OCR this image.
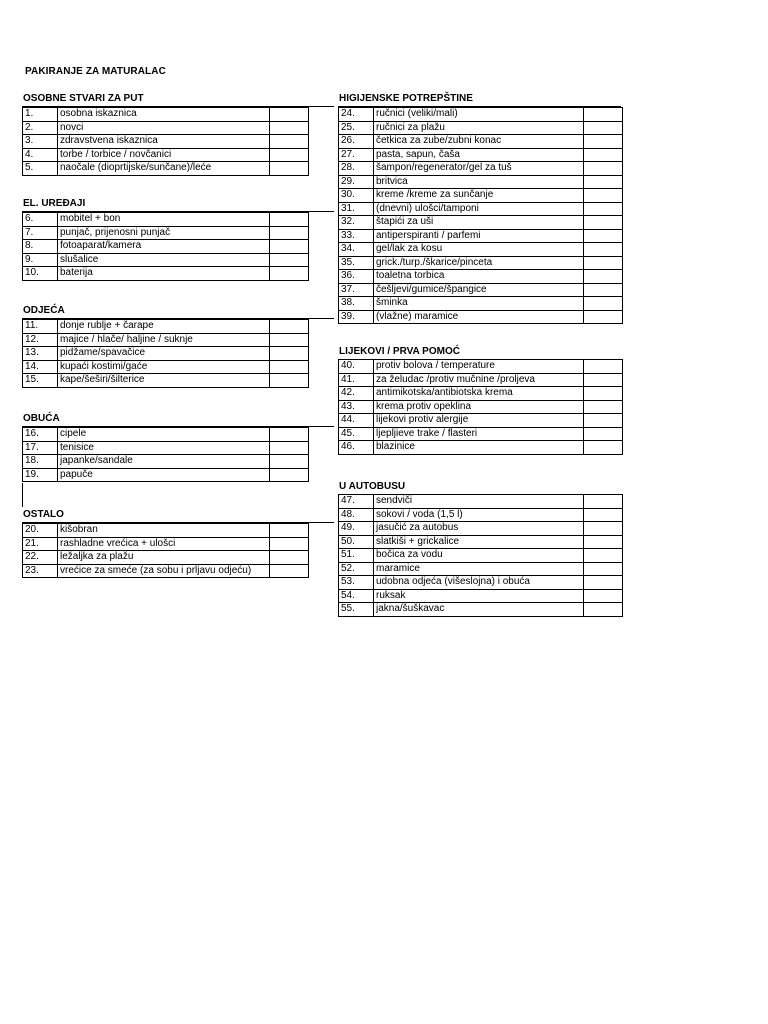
PAKIRANJE ZA MATURALAC
OSOBNE STVARI ZA PUT
1.	osobna iskaznica	
2.	novci	
3.	zdravstvena iskaznica	
4.	torbe / torbice / novčanici	
5.	naočale (dioprtijske/sunčane)/leće	
EL. UREĐAJI
6.	mobitel + bon	
7.	punjač, prijenosni punjač	
8.	fotoaparat/kamera	
9.	slušalice	
10.	baterija	
ODJEĆA
11.	donje rublje + čarape	
12.	majice / hlače/ haljine / suknje	
13.	pidžame/spavačice	
14.	kupaći kostimi/gaće	
15.	kape/šeširi/šilterice	
OBUĆA
16.	cipele	
17.	tenisice	
18.	japanke/sandale	
19.	papuče	
OSTALO
20.	kišobran	
21.	rashladne vrećica + ulošci	
22.	ležaljka za plažu	
23.	vrećice za smeće (za sobu i prljavu odjeću)	
HIGIJENSKE POTREPŠTINE
24.	ručnici (veliki/mali)	
25.	ručnici za plažu	
26.	četkica za zube/zubni konac	
27.	pasta, sapun, čaša	
28.	šampon/regenerator/gel za tuš	
29.	britvica	
30.	kreme /kreme za sunčanje	
31.	(dnevni) ulošci/tamponi	
32.	štapići za uši	
33.	antiperspiranti / parfemi	
34.	gel/lak za kosu	
35.	grick./turp./škarice/pinceta	
36.	toaletna torbica	
37.	češljevi/gumice/špangice	
38.	šminka	
39.	(vlažne) maramice	
LIJEKOVI / PRVA POMOĆ
40.	protiv bolova / temperature	
41.	za želudac /protiv mučnine /proljeva	
42.	antimikotska/antibiotska krema	
43.	krema protiv opeklina	
44.	lijekovi protiv alergije	
45.	ljepljieve trake / flasteri	
46.	blazinice	
U AUTOBUSU
47.	sendviči	
48.	sokovi / voda (1,5 l)	
49.	jasučić za autobus	
50.	slatkiši + grickalice	
51.	bočica za vodu	
52.	maramice	
53.	udobna odjeća (višeslojna) i obuća	
54.	ruksak	
55.	jakna/šuškavac	
